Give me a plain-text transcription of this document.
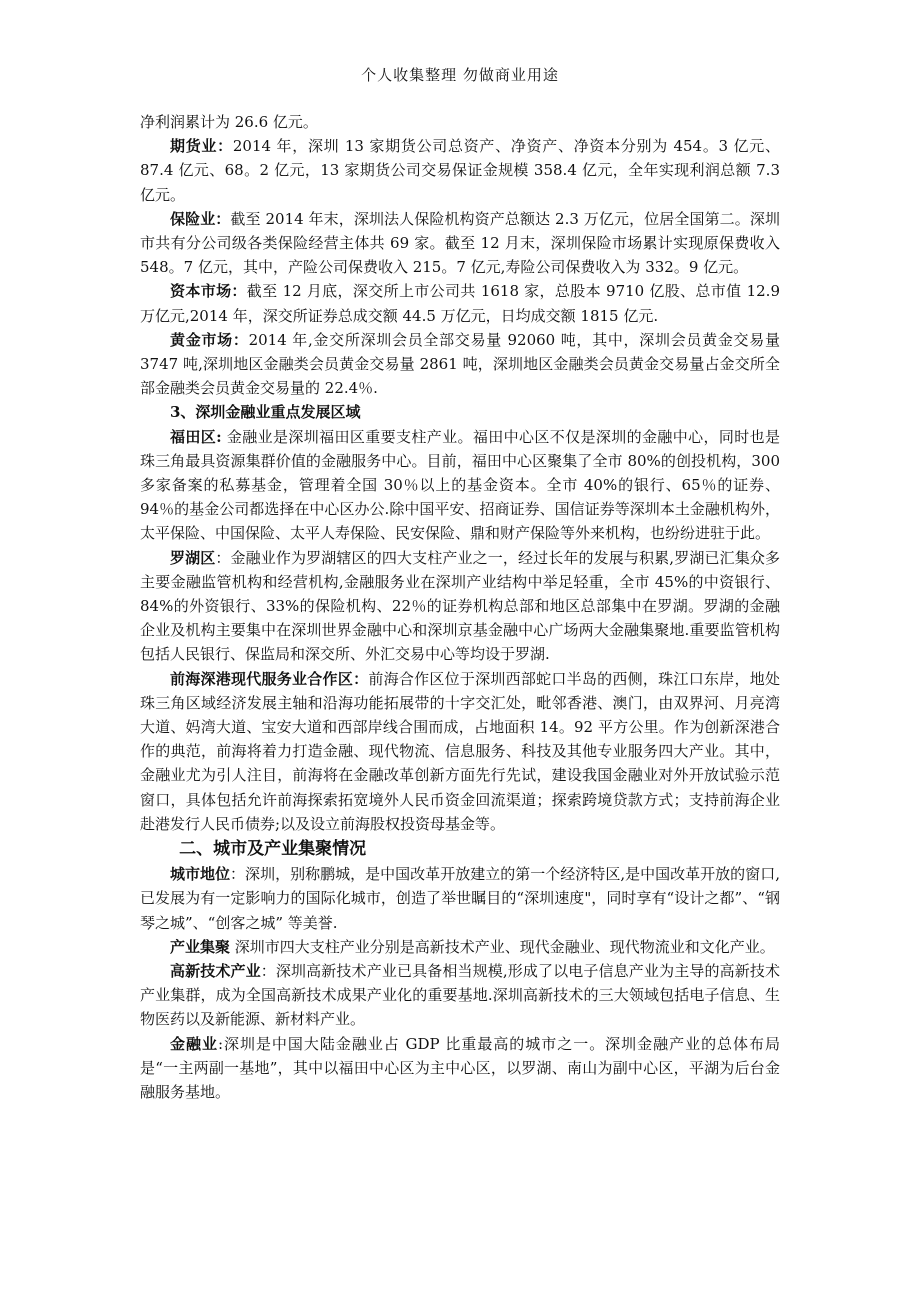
个人收集整理 勿做商业用途

净利润累计为 26.6 亿元。

期货业：2014 年，深圳 13 家期货公司总资产、净资产、净资本分别为 454。3 亿元、87.4 亿元、68。2 亿元，13 家期货公司交易保证金规模 358.4 亿元，全年实现利润总额 7.3 亿元。

保险业：截至 2014 年末，深圳法人保险机构资产总额达 2.3 万亿元，位居全国第二。深圳市共有分公司级各类保险经营主体共 69 家。截至 12 月末，深圳保险市场累计实现原保费收入 548。7 亿元，其中，产险公司保费收入 215。7 亿元,寿险公司保费收入为 332。9 亿元。

资本市场：截至 12 月底，深交所上市公司共 1618 家，总股本 9710 亿股、总市值 12.9 万亿元,2014 年，深交所证券总成交额 44.5 万亿元，日均成交额 1815 亿元.

黄金市场：2014 年,金交所深圳会员全部交易量 92060 吨，其中，深圳会员黄金交易量 3747 吨,深圳地区金融类会员黄金交易量 2861 吨，深圳地区金融类会员黄金交易量占金交所全部金融类会员黄金交易量的 22.4％.

3、深圳金融业重点发展区域

福田区: 金融业是深圳福田区重要支柱产业。福田中心区不仅是深圳的金融中心，同时也是珠三角最具资源集群价值的金融服务中心。目前，福田中心区聚集了全市 80%的创投机构，300 多家备案的私募基金，管理着全国 30％以上的基金资本。全市 40%的银行、65％的证券、94％的基金公司都选择在中心区办公.除中国平安、招商证券、国信证券等深圳本土金融机构外，太平保险、中国保险、太平人寿保险、民安保险、鼎和财产保险等外来机构，也纷纷进驻于此。

罗湖区：金融业作为罗湖辖区的四大支柱产业之一，经过长年的发展与积累,罗湖已汇集众多主要金融监管机构和经营机构,金融服务业在深圳产业结构中举足轻重，全市 45%的中资银行、84%的外资银行、33%的保险机构、22％的证券机构总部和地区总部集中在罗湖。罗湖的金融企业及机构主要集中在深圳世界金融中心和深圳京基金融中心广场两大金融集聚地.重要监管机构包括人民银行、保监局和深交所、外汇交易中心等均设于罗湖.

前海深港现代服务业合作区：前海合作区位于深圳西部蛇口半岛的西侧，珠江口东岸，地处珠三角区域经济发展主轴和沿海功能拓展带的十字交汇处，毗邻香港、澳门，由双界河、月亮湾大道、妈湾大道、宝安大道和西部岸线合围而成，占地面积 14。92 平方公里。作为创新深港合作的典范，前海将着力打造金融、现代物流、信息服务、科技及其他专业服务四大产业。其中，金融业尤为引人注目，前海将在金融改革创新方面先行先试，建设我国金融业对外开放试验示范窗口，具体包括允许前海探索拓宽境外人民币资金回流渠道；探索跨境贷款方式；支持前海企业赴港发行人民币债券;以及设立前海股权投资母基金等。

二、城市及产业集聚情况

城市地位：深圳，别称鹏城，是中国改革开放建立的第一个经济特区,是中国改革开放的窗口,已发展为有一定影响力的国际化城市，创造了举世瞩目的“深圳速度"，同时享有“设计之都”、“钢琴之城”、“创客之城” 等美誉.

产业集聚 深圳市四大支柱产业分别是高新技术产业、现代金融业、现代物流业和文化产业。

高新技术产业：深圳高新技术产业已具备相当规模,形成了以电子信息产业为主导的高新技术产业集群，成为全国高新技术成果产业化的重要基地.深圳高新技术的三大领域包括电子信息、生物医药以及新能源、新材料产业。

金融业:深圳是中国大陆金融业占 GDP 比重最高的城市之一。深圳金融产业的总体布局是“一主两副一基地”，其中以福田中心区为主中心区，以罗湖、南山为副中心区，平湖为后台金融服务基地。
